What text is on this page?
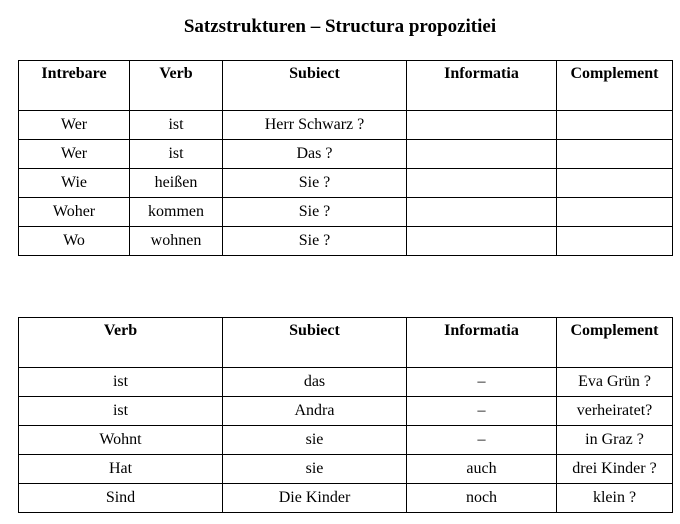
Satzstrukturen – Structura propozitiei
Intrebare	Verb	Subiect	Informatia	Complement
Wer	ist	Herr Schwarz ?		
Wer	ist	Das ?		
Wie	heißen	Sie ?		
Woher	kommen	Sie ?		
Wo	wohnen	Sie ?		
Verb	Subiect	Informatia	Complement
ist	das	–	Eva Grün ?
ist	Andra	–	verheiratet?
Wohnt	sie	–	in Graz ?
Hat	sie	auch	drei Kinder ?
Sind	Die Kinder	noch	klein ?
